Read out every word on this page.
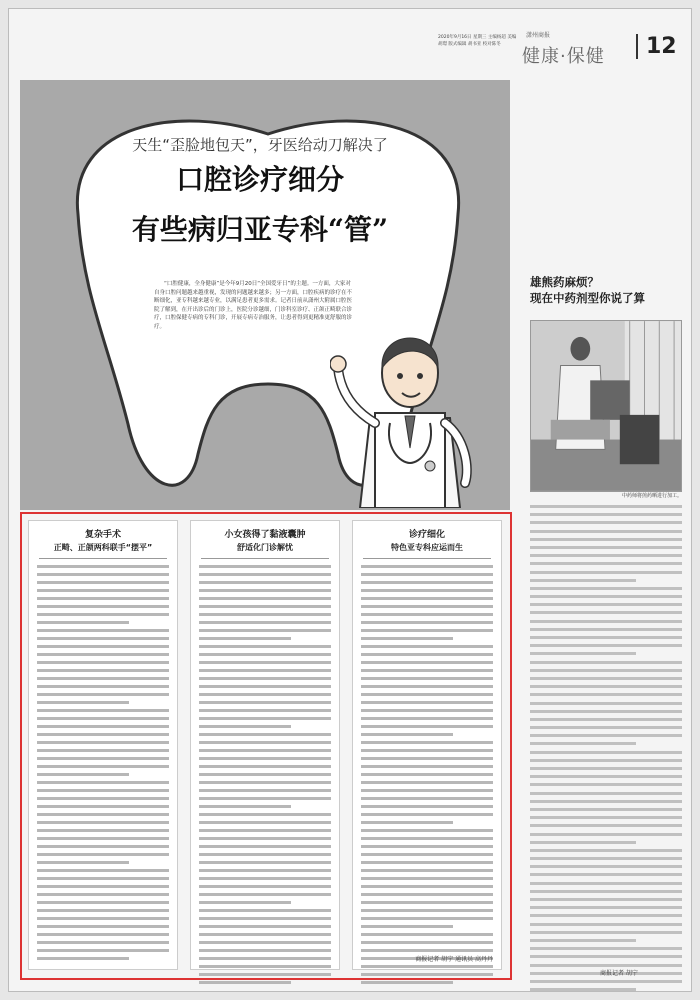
2020年9月16日 星期三 主编杨超 美编胡璟 版式编辑 胡书亚 校对陈冬
潇州商报
健康·保健	12
天生“歪脸地包天”，牙医给动刀解决了
口腔诊疗细分
有些病归亚专科“管”
“口腔健康，全身健康”是今年9月20日“全国爱牙日”的主题。一方面，大家对自身口腔问题越来越重视，发现的问题越来越多；另一方面，口腔疾病的诊疗在不断细化，亚专科越来越专业，以满足患者更多需求。记者日前从潇州大附属口腔医院了解到，在开出诊后的门诊上，医院分诊越细，门诊科室诊疗、正颌正畸联合诊疗，口腔保健专病的专科门诊，开展专病专治服务，让患者得到更精准更舒服的诊疗。
复杂手术
正畸、正颌两科联手“摆平”
小女孩得了黏液囊肿
舒适化门诊解忧
诊疗细化
特色亚专科应运而生
商报记者 胡宁 通讯员 高丹丹
雄熊药麻烦？
现在中药剂型你说了算
中药师将煎药晒进行加工。
商报记者 胡宁
